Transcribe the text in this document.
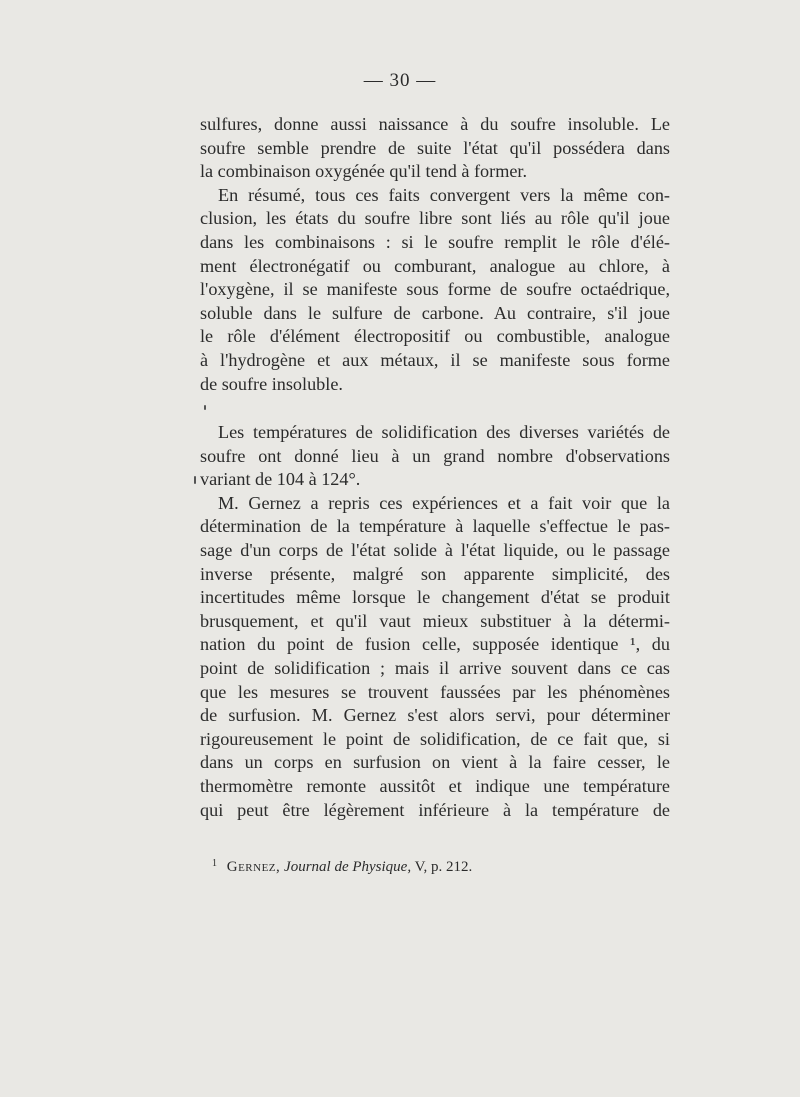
— 30 —
sulfures, donne aussi naissance à du soufre insoluble. Le
soufre semble prendre de suite l'état qu'il possédera dans
la combinaison oxygénée qu'il tend à former.
En résumé, tous ces faits convergent vers la même con-
clusion, les états du soufre libre sont liés au rôle qu'il joue
dans les combinaisons : si le soufre remplit le rôle d'élé-
ment électronégatif ou comburant, analogue au chlore, à
l'oxygène, il se manifeste sous forme de soufre octaédrique,
soluble dans le sulfure de carbone. Au contraire, s'il joue
le rôle d'élément électropositif ou combustible, analogue
à l'hydrogène et aux métaux, il se manifeste sous forme
de soufre insoluble.
Les températures de solidification des diverses variétés de
soufre ont donné lieu à un grand nombre d'observations
variant de 104 à 124°.
M. Gernez a repris ces expériences et a fait voir que la
détermination de la température à laquelle s'effectue le pas-
sage d'un corps de l'état solide à l'état liquide, ou le passage
inverse présente, malgré son apparente simplicité, des
incertitudes même lorsque le changement d'état se produit
brusquement, et qu'il vaut mieux substituer à la détermi-
nation du point de fusion celle, supposée identique ¹, du
point de solidification ; mais il arrive souvent dans ce cas
que les mesures se trouvent faussées par les phénomènes
de surfusion. M. Gernez s'est alors servi, pour déterminer
rigoureusement le point de solidification, de ce fait que, si
dans un corps en surfusion on vient à la faire cesser, le
thermomètre remonte aussitôt et indique une température
qui peut être légèrement inférieure à la température de
$^1$ Gernez, Journal de Physique, V, p. 212.
